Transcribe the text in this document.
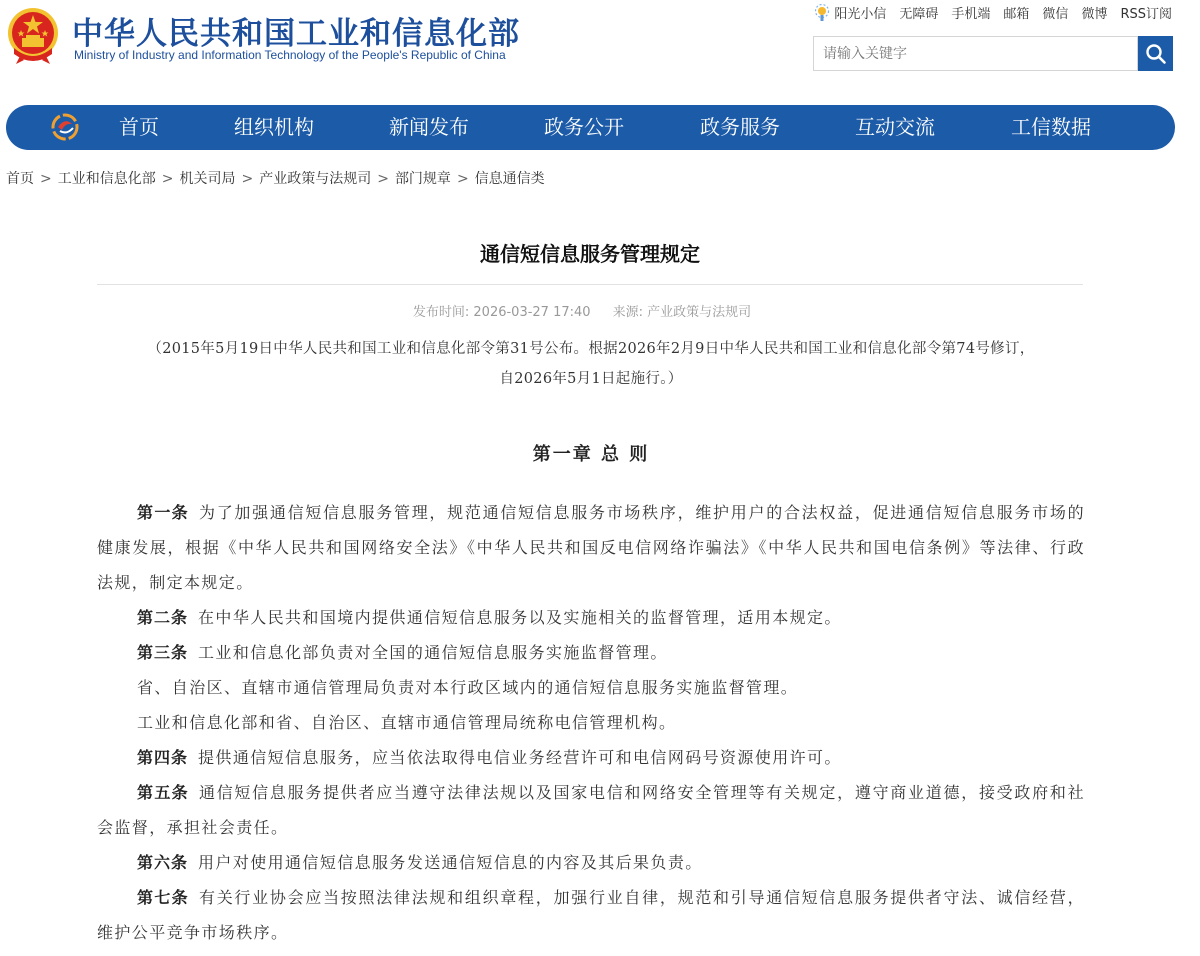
中华人民共和国工业和信息化部
Ministry of Industry and Information Technology of the People's Republic of China
阳光小信 无障碍 手机端 邮箱 微信 微博 RSS订阅
请输入关键字
首页	组织机构	新闻发布	政务公开	政务服务	互动交流	工信数据
首页 > 工业和信息化部 > 机关司局 > 产业政策与法规司 > 部门规章 > 信息通信类
通信短信息服务管理规定
发布时间: 2026-03-27 17:40 来源: 产业政策与法规司
（2015年5月19日中华人民共和国工业和信息化部令第31号公布。根据2026年2月9日中华人民共和国工业和信息化部令第74号修订，
自2026年5月1日起施行。）
第一章 总 则

第一条 为了加强通信短信息服务管理，规范通信短信息服务市场秩序，维护用户的合法权益，促进通信短信息服务市场的健康发展，根据《中华人民共和国网络安全法》《中华人民共和国反电信网络诈骗法》《中华人民共和国电信条例》等法律、行政法规，制定本规定。

第二条 在中华人民共和国境内提供通信短信息服务以及实施相关的监督管理，适用本规定。

第三条 工业和信息化部负责对全国的通信短信息服务实施监督管理。

省、自治区、直辖市通信管理局负责对本行政区域内的通信短信息服务实施监督管理。

工业和信息化部和省、自治区、直辖市通信管理局统称电信管理机构。

第四条 提供通信短信息服务，应当依法取得电信业务经营许可和电信网码号资源使用许可。

第五条 通信短信息服务提供者应当遵守法律法规以及国家电信和网络安全管理等有关规定，遵守商业道德，接受政府和社会监督，承担社会责任。

第六条 用户对使用通信短信息服务发送通信短信息的内容及其后果负责。

第七条 有关行业协会应当按照法律法规和组织章程，加强行业自律，规范和引导通信短信息服务提供者守法、诚信经营，维护公平竞争市场秩序。
